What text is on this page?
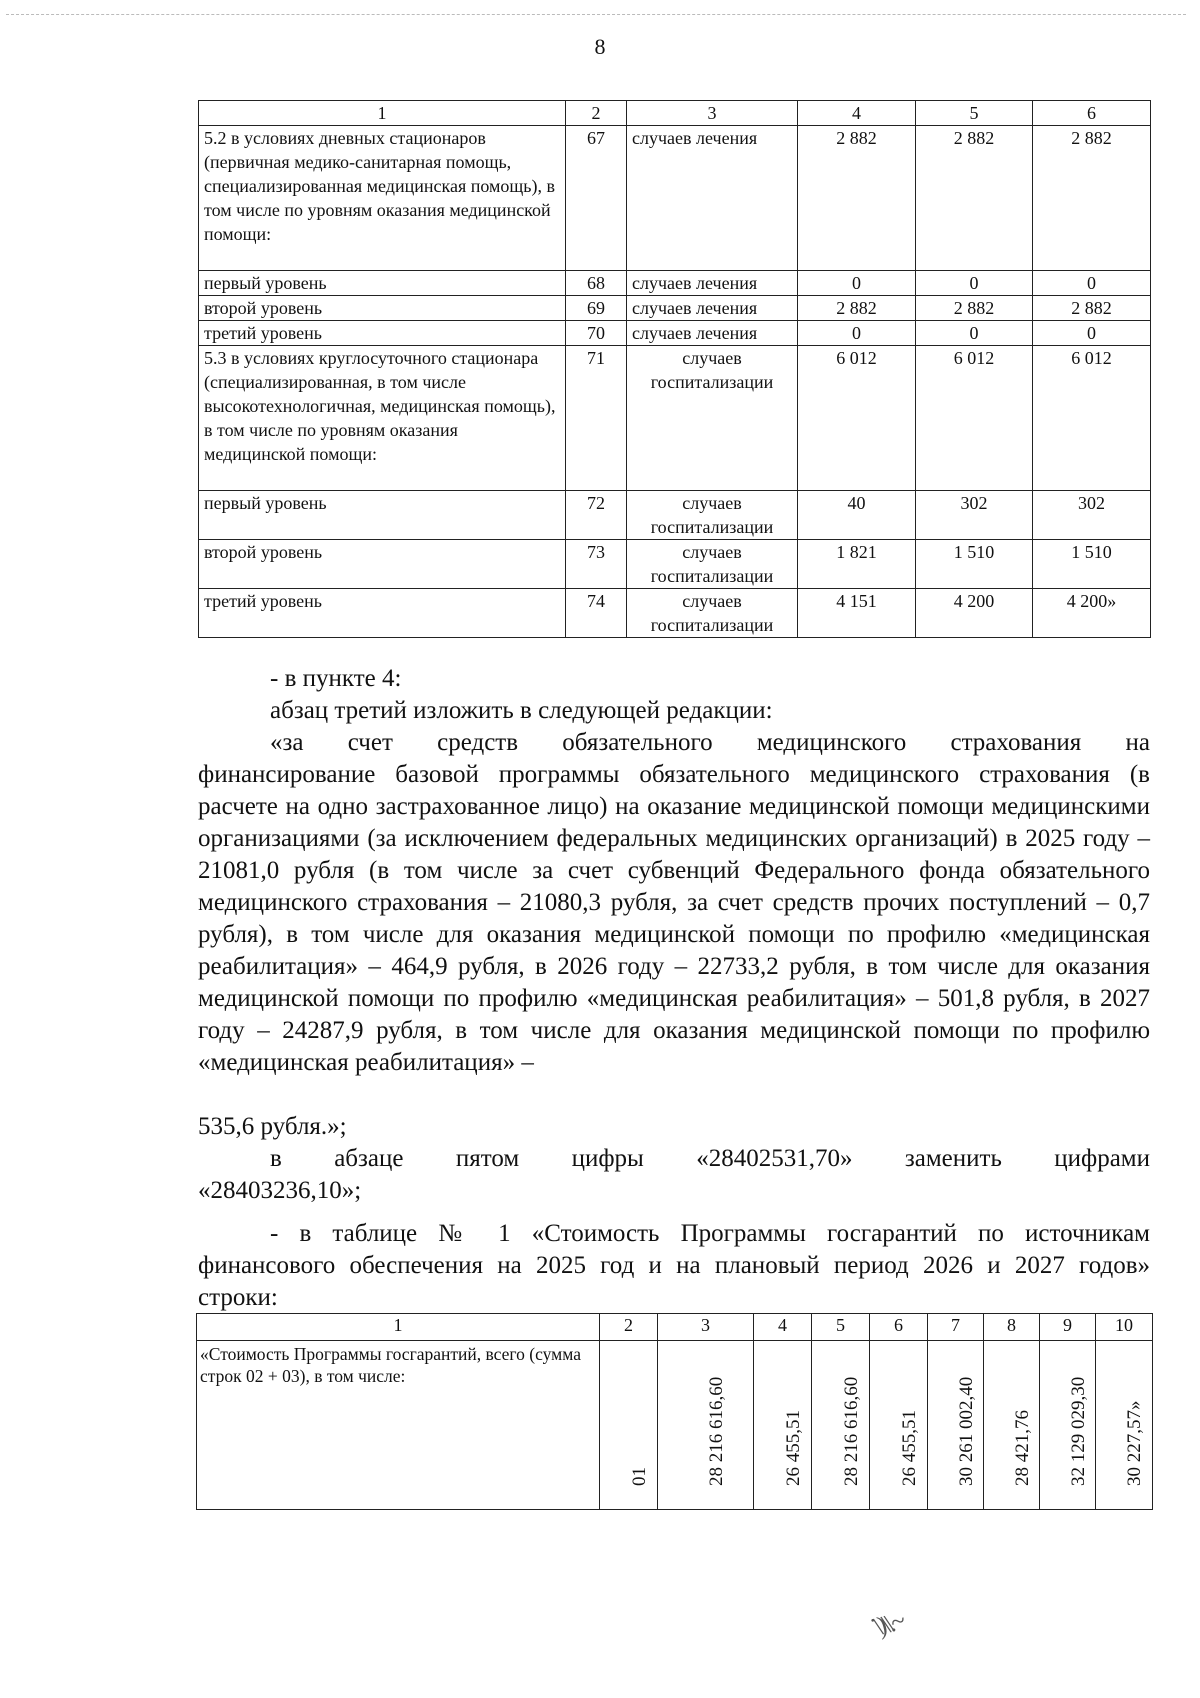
8
1	2	3	4	5	6
5.2 в условиях дневных стационаров (первичная медико-санитарная помощь, специализированная медицинская помощь), в том числе по уровням оказания медицинской помощи:	67	случаев лечения	2 882	2 882	2 882
первый уровень	68	случаев лечения	0	0	0
второй уровень	69	случаев лечения	2 882	2 882	2 882
третий уровень	70	случаев лечения	0	0	0
5.3 в условиях круглосуточного стационара (специализированная, в том числе высокотехнологичная, медицинская помощь), в том числе по уровням оказания медицинской помощи:	71	случаев госпитализации	6 012	6 012	6 012
первый уровень	72	случаев госпитализации	40	302	302
второй уровень	73	случаев госпитализации	1 821	1 510	1 510
третий уровень	74	случаев госпитализации	4 151	4 200	4 200»
- в пункте 4:
абзац третий изложить в следующей редакции:
«за счет средств обязательного медицинского страхования на
финансирование базовой программы обязательного медицинского страхования (в расчете на одно застрахованное лицо) на оказание медицинской помощи медицинскими организациями (за исключением федеральных медицинских организаций) в 2025 году – 21081,0 рубля (в том числе за счет субвенций Федерального фонда обязательного медицинского страхования – 21080,3 рубля, за счет средств прочих поступлений – 0,7 рубля), в том числе для оказания медицинской помощи по профилю «медицинская реабилитация» – 464,9 рубля, в 2026 году – 22733,2 рубля, в том числе для оказания медицинской помощи по профилю «медицинская реабилитация» – 501,8 рубля, в 2027 году – 24287,9 рубля, в том числе для оказания медицинской помощи по профилю «медицинская реабилитация» –
535,6 рубля.»;
в абзаце пятом цифры «28402531,70» заменить цифрами
«28403236,10»;
- в таблице № 1 «Стоимость Программы госгарантий по источникам
финансового обеспечения на 2025 год и на плановый период 2026 и 2027 годов»
строки:
1	2	3	4	5	6	7	8	9	10
«Стоимость Программы госгарантий, всего (сумма строк 02 + 03), в том числе:	01	28 216 616,60	26 455,51	28 216 616,60	26 455,51	30 261 002,40	28 421,76	32 129 029,30	30 227,57»
˙\)\\.~
